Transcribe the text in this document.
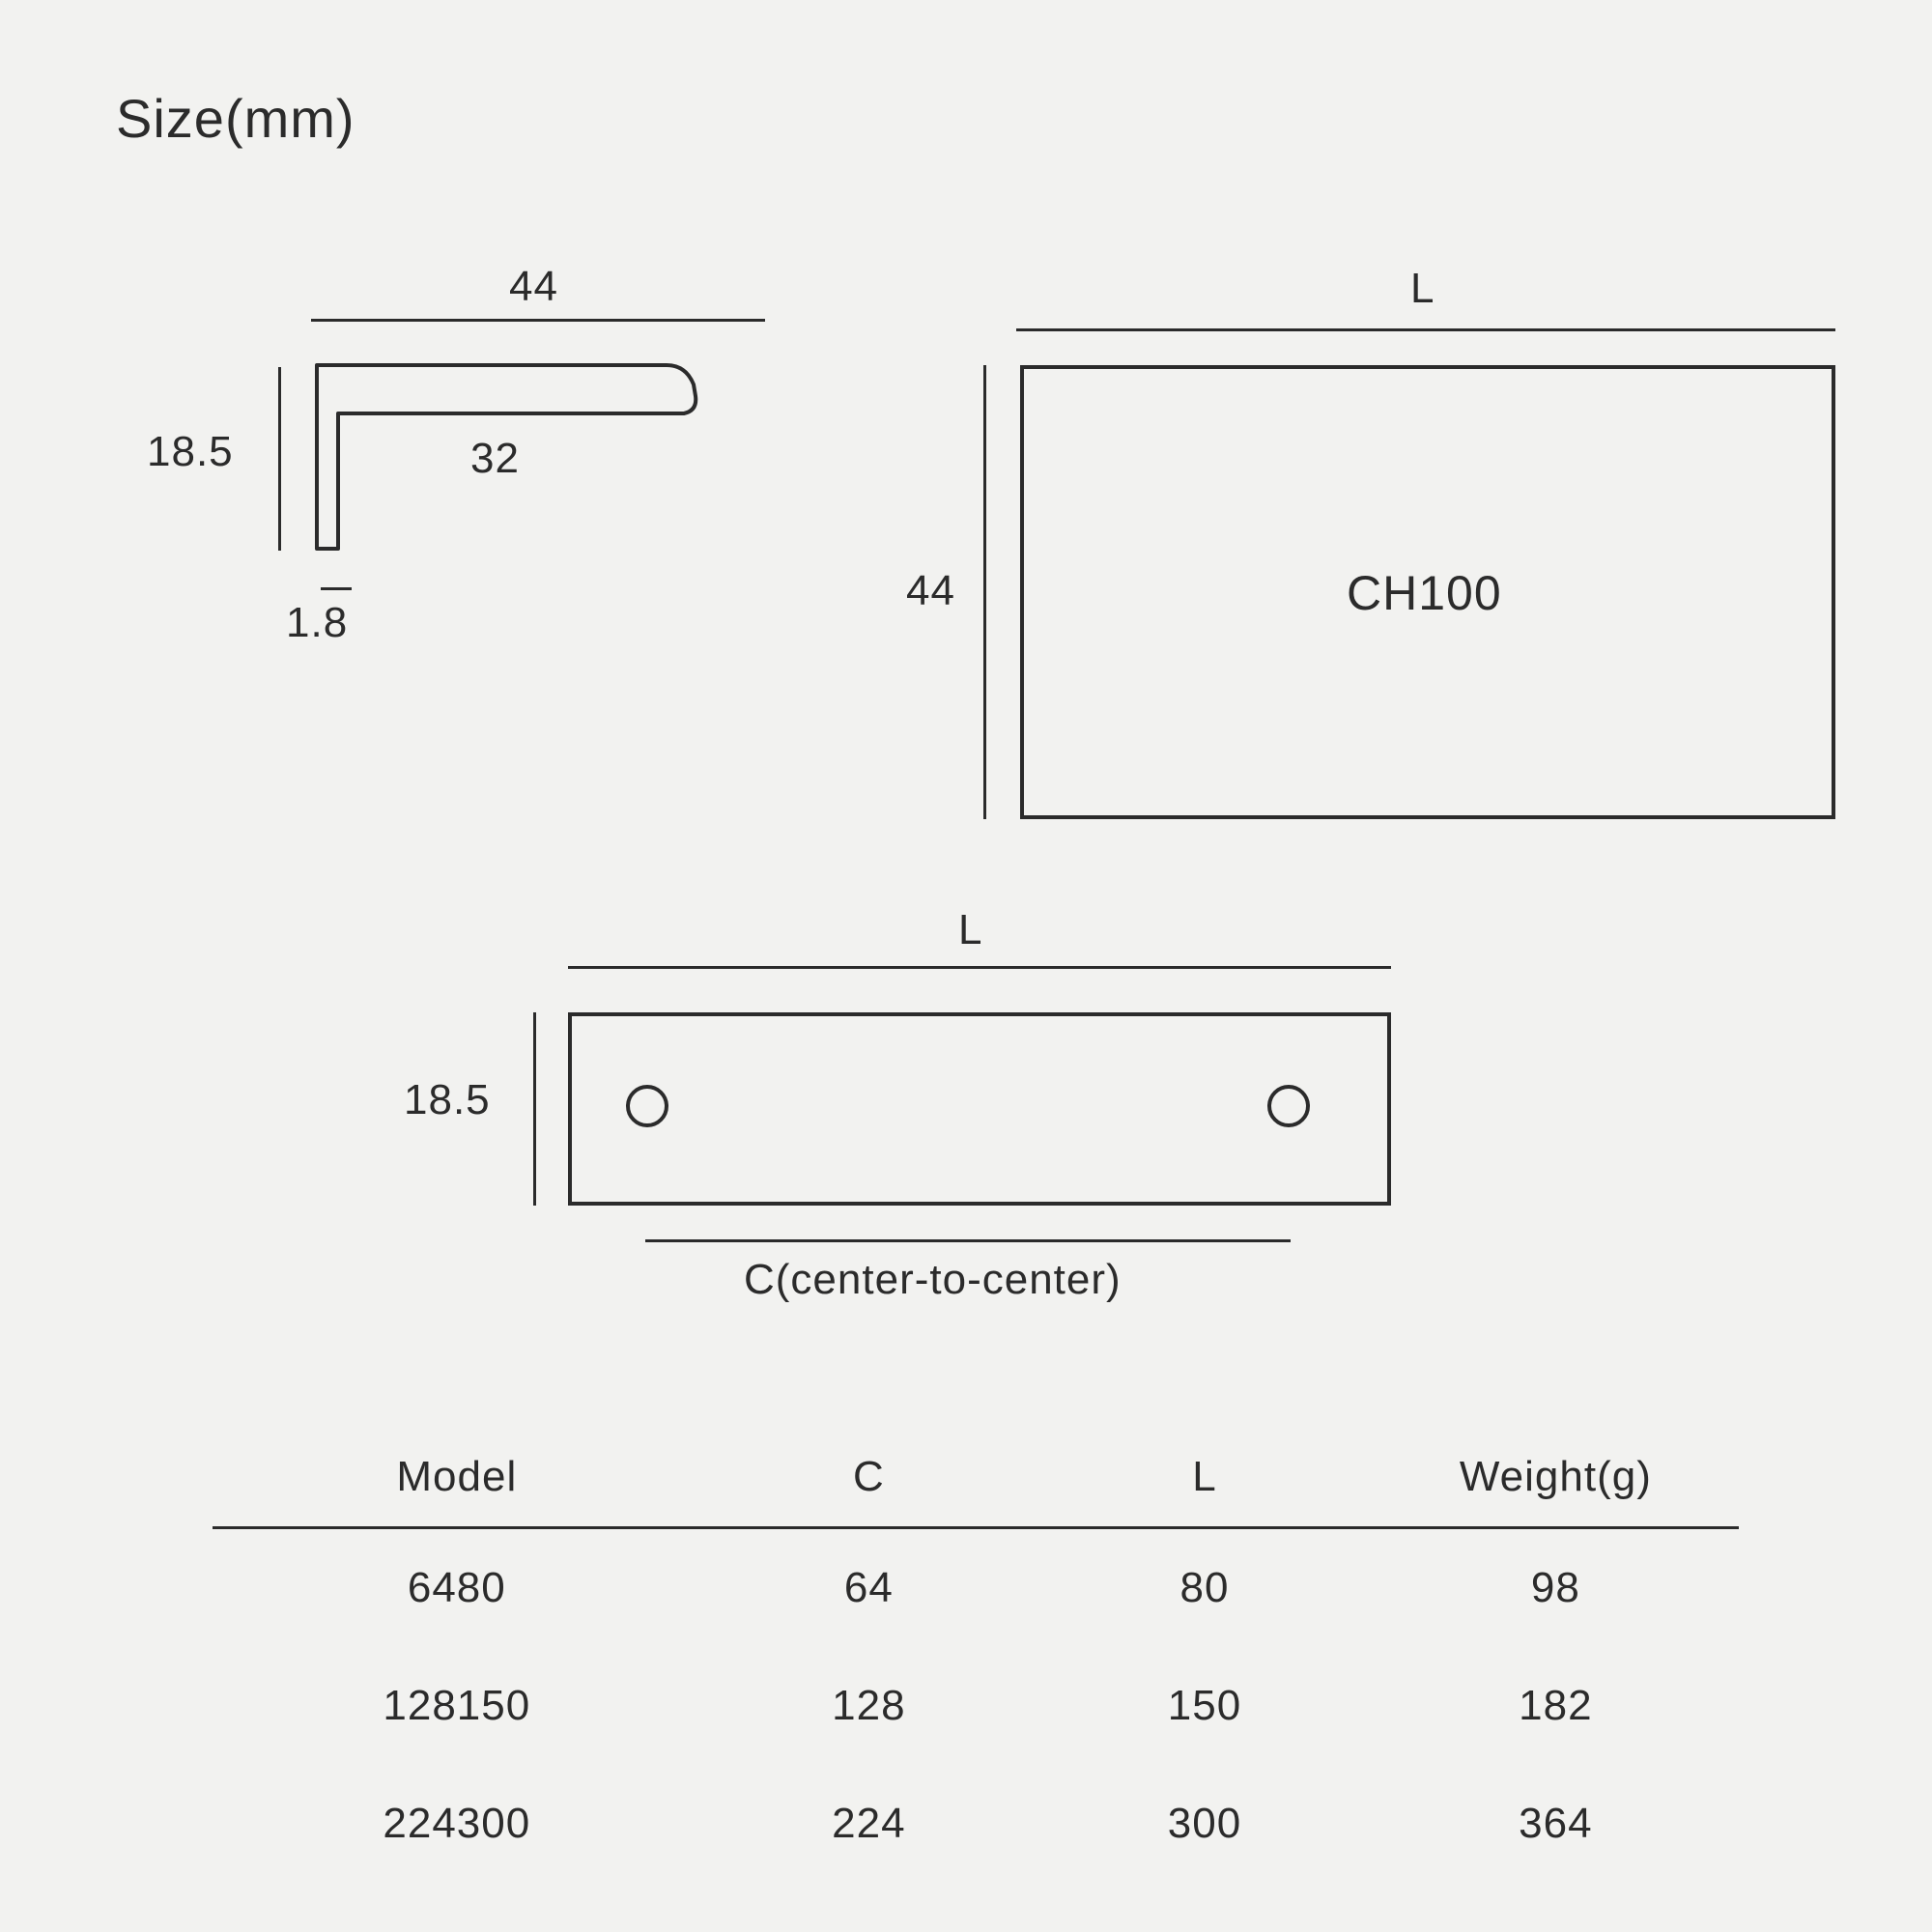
Size(mm)
44
18.5	32
1.8
L
44	CH100
L
18.5
C(center-to-center)
Model	C	L	Weight(g)
6480	64	80	98
128150	128	150	182
224300	224	300	364
